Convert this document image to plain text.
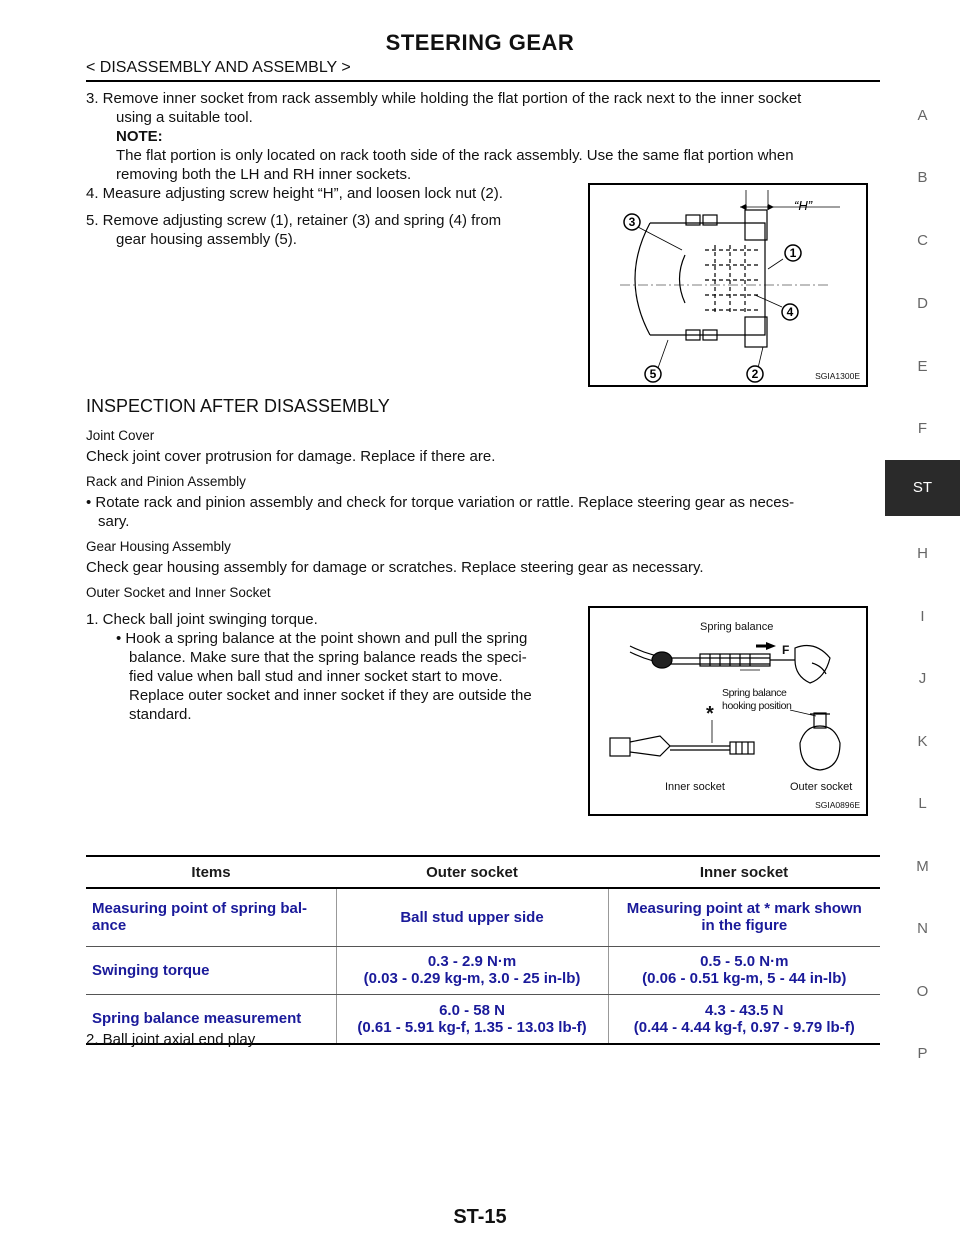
STEERING GEAR
< DISASSEMBLY AND ASSEMBLY >
A
B
C
D
E
F
ST
H
I
J
K
L
M
N
O
P
3. Remove inner socket from rack assembly while holding the flat portion of the rack next to the inner socket
using a suitable tool.
NOTE:
The flat portion is only located on rack tooth side of the rack assembly. Use the same flat portion when
removing both the LH and RH inner sockets.
4. Measure adjusting screw height “H”, and loosen lock nut (2).
5. Remove adjusting screw (1), retainer (3) and spring (4) from
gear housing assembly (5).
“H”
3
1
4
5	2	SGIA1300E
INSPECTION AFTER DISASSEMBLY
Joint Cover
Check joint cover protrusion for damage. Replace if there are.
Rack and Pinion Assembly
• Rotate rack and pinion assembly and check for torque variation or rattle. Replace steering gear as neces-
sary.
Gear Housing Assembly
Check gear housing assembly for damage or scratches. Replace steering gear as necessary.
Outer Socket and Inner Socket
1. Check ball joint swinging torque.
• Hook a spring balance at the point shown and pull the spring
balance. Make sure that the spring balance reads the speci-
fied value when ball stud and inner socket start to move.
Replace outer socket and inner socket if they are outside the
standard.
Spring balance
F
Spring balance
hooking position
*
Inner socket	Outer socket
SGIA0896E
Items	Outer socket	Inner socket

Measuring point of spring bal-
ance	Ball stud upper side	Measuring point at * mark shown
in the figure

Swinging torque	0.3 - 2.9 N·m
(0.03 - 0.29 kg-m, 3.0 - 25 in-lb)	0.5 - 5.0 N·m
(0.06 - 0.51 kg-m, 5 - 44 in-lb)

Spring balance measurement	6.0 - 58 N
(0.61 - 5.91 kg-f, 1.35 - 13.03 lb-f)	4.3 - 43.5 N
(0.44 - 4.44 kg-f, 0.97 - 9.79 lb-f)
2. Ball joint axial end play
ST-15
